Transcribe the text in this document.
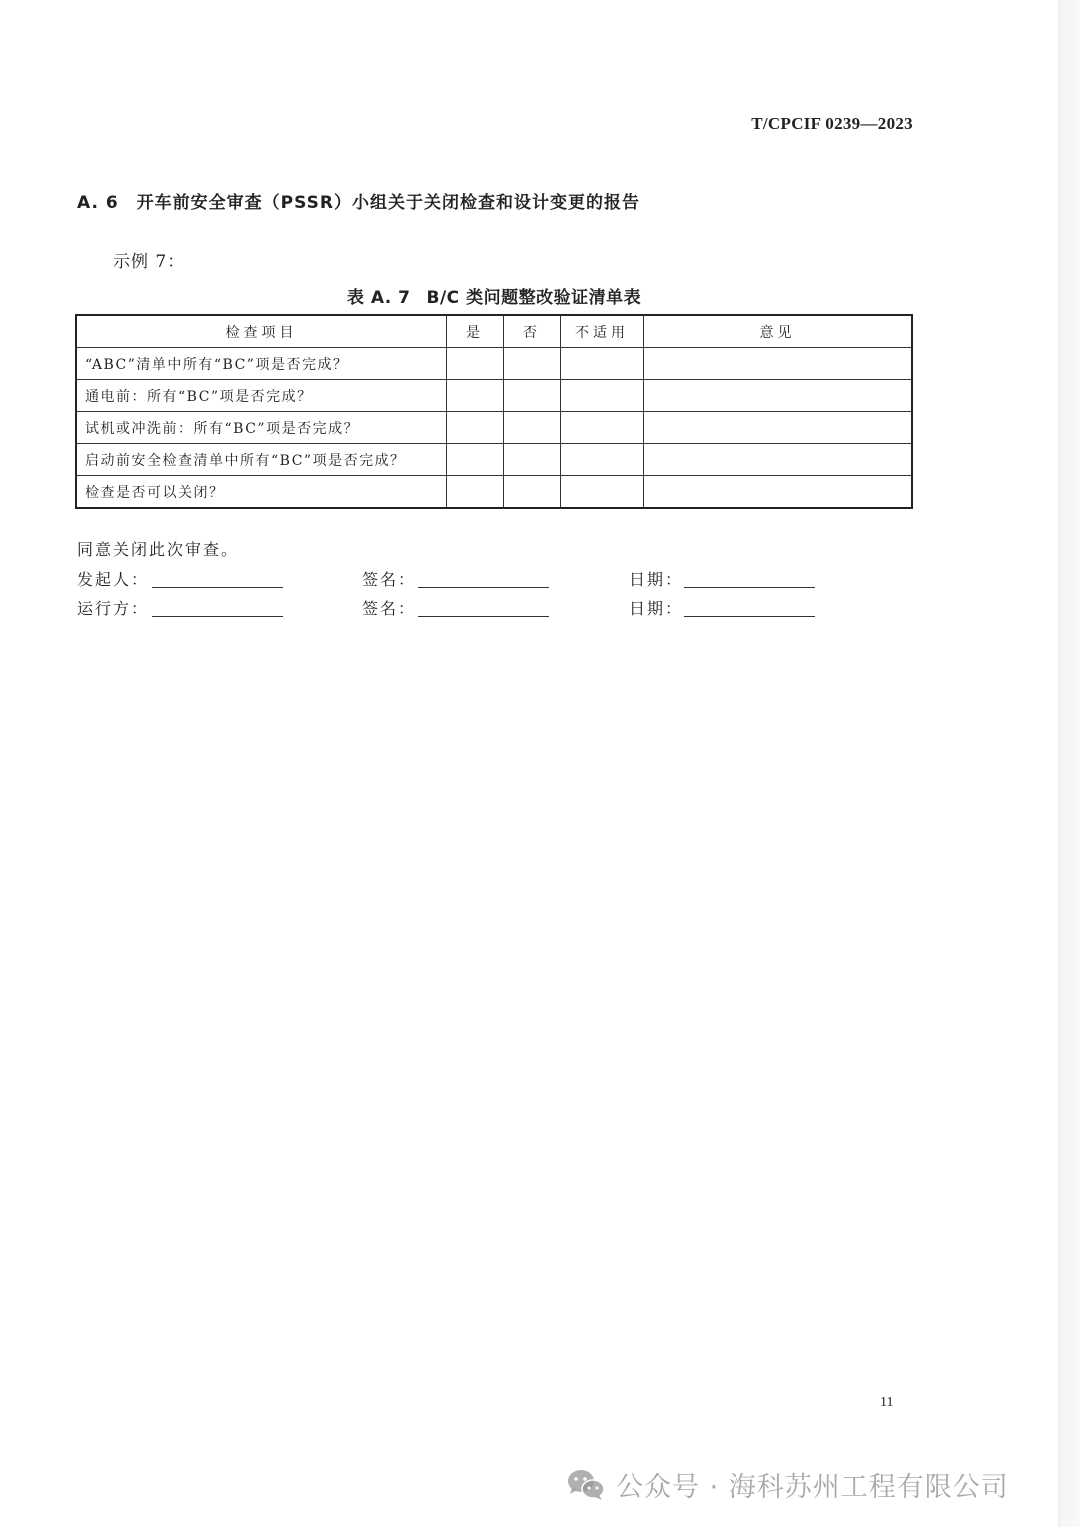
T/CPCIF 0239—2023
A. 6 开车前安全审查（PSSR）小组关于关闭检查和设计变更的报告
示例 7：
表 A. 7 B/C 类问题整改验证清单表
检查项目	是	否	不适用	意见
“ABC”清单中所有“BC”项是否完成？				
通电前：所有“BC”项是否完成？				
试机或冲洗前：所有“BC”项是否完成？				
启动前安全检查清单中所有“BC”项是否完成？				
检查是否可以关闭？				
同意关闭此次审查。
发起人：	签名：	日期：
运行方：	签名：	日期：
11
公众号 · 海科苏州工程有限公司
